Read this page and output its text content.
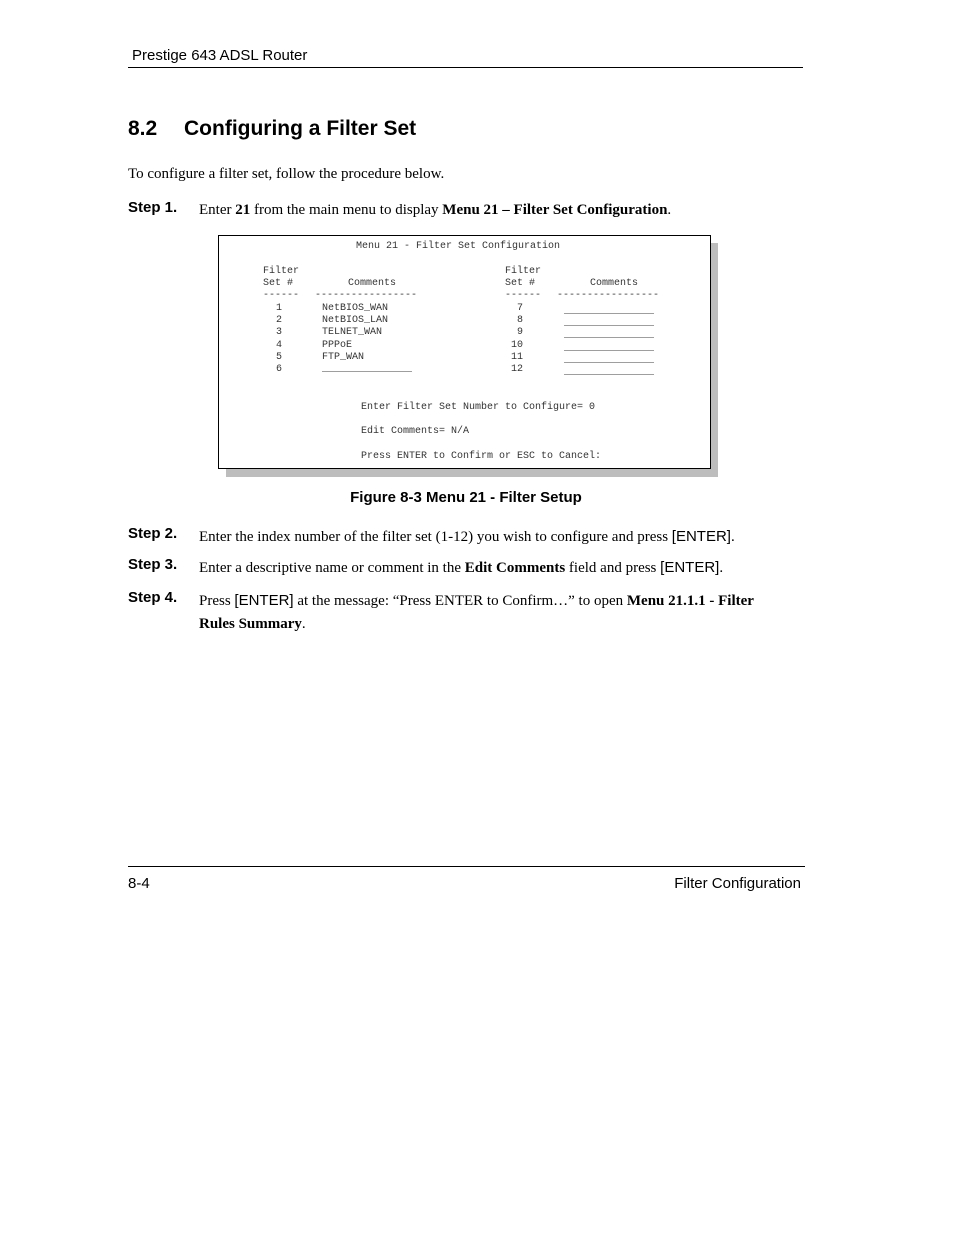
Prestige 643 ADSL Router
8.2 Configuring a Filter Set
To configure a filter set, follow the procedure below.
Step 1. Enter 21 from the main menu to display Menu 21 – Filter Set Configuration.
Menu 21 - Filter Set Configuration
Filter
Set #	Comments
------ -----------------
Filter
Set #	Comments
------ -----------------
1	NetBIOS_WAN
2	NetBIOS_LAN
3	TELNET_WAN
4	PPPoE
5	FTP_WAN
6	_______________
7	_______________
8	_______________
9	_______________
10	_______________
11	_______________
12	_______________
Enter Filter Set Number to Configure= 0
Edit Comments= N/A
Press ENTER to Confirm or ESC to Cancel:
Figure 8-3 Menu 21 - Filter Setup
Step 2. Enter the index number of the filter set (1-12) you wish to configure and press [ENTER].
Step 3. Enter a descriptive name or comment in the Edit Comments field and press [ENTER].
Step 4. Press [ENTER] at the message: “Press ENTER to Confirm…” to open Menu 21.1.1 - Filter
Rules Summary.
8-4	Filter Configuration
